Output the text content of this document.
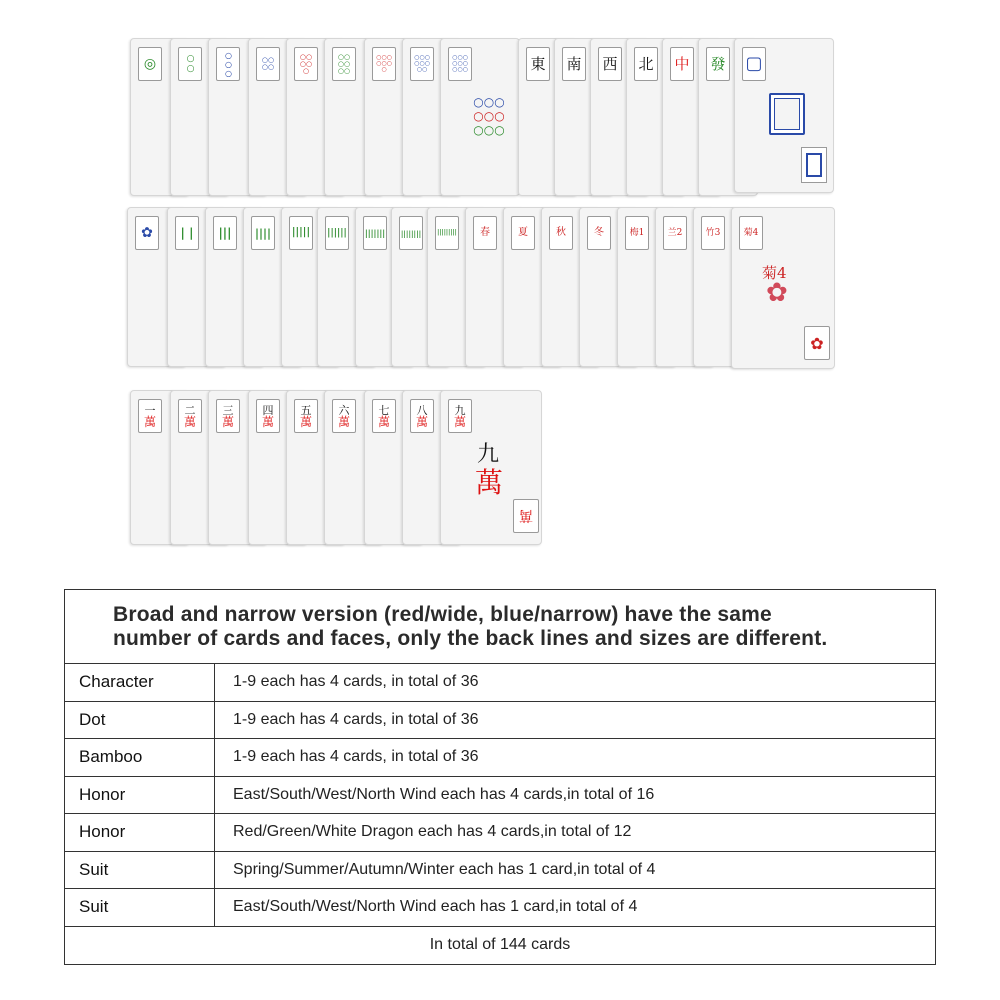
◎	○○	○○○	○○○○
○○○○○
○○○○○○
○○○○○○○
○○○○○○○○
○○○○○○○○○
○○○
○○○
○○○
東 南 西 北 中 發 ▢
✿ | | ||| |||| ||||| |||||| ||||||| ||||||||	||||||||| 春	夏	秋	冬	梅1	兰2	竹3	菊4
菊4
✿
✿
一
萬
二
萬
三
萬
四
萬
五
萬
六
萬
七
萬
八
萬
九
萬
九
萬
萬
Broad and narrow version (red/wide, blue/narrow) have the same
number of cards and faces, only the back lines and sizes are different.
Character	1-9 each has 4 cards, in total of 36
Dot	1-9 each has 4 cards, in total of 36
Bamboo	1-9 each has 4 cards, in total of 36
Honor	East/South/West/North Wind each has 4 cards,in total of 16
Honor	Red/Green/White Dragon each has 4 cards,in total of 12
Suit	Spring/Summer/Autumn/Winter each has 1 card,in total of 4
Suit	East/South/West/North Wind each has 1 card,in total of 4
In total of 144 cards
